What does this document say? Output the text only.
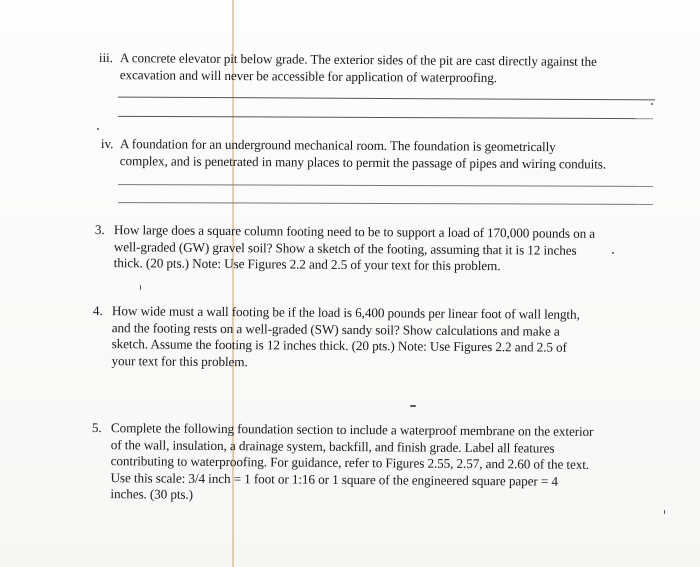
iii. A concrete elevator pit below grade. The exterior sides of the pit are cast directly against the
excavation and will never be accessible for application of waterproofing.
iv. A foundation for an underground mechanical room. The foundation is geometrically
complex, and is penetrated in many places to permit the passage of pipes and wiring conduits.
3. How large does a square column footing need to be to support a load of 170,000 pounds on a
well-graded (GW) gravel soil? Show a sketch of the footing, assuming that it is 12 inches
thick. (20 pts.) Note: Use Figures 2.2 and 2.5 of your text for this problem.
4. How wide must a wall footing be if the load is 6,400 pounds per linear foot of wall length,
and the footing rests on a well-graded (SW) sandy soil? Show calculations and make a
sketch. Assume the footing is 12 inches thick. (20 pts.) Note: Use Figures 2.2 and 2.5 of
your text for this problem.
5. Complete the following foundation section to include a waterproof membrane on the exterior
of the wall, insulation, a drainage system, backfill, and finish grade. Label all features
contributing to waterproofing. For guidance, refer to Figures 2.55, 2.57, and 2.60 of the text.
Use this scale: 3/4 inch = 1 foot or 1:16 or 1 square of the engineered square paper = 4
inches. (30 pts.)
